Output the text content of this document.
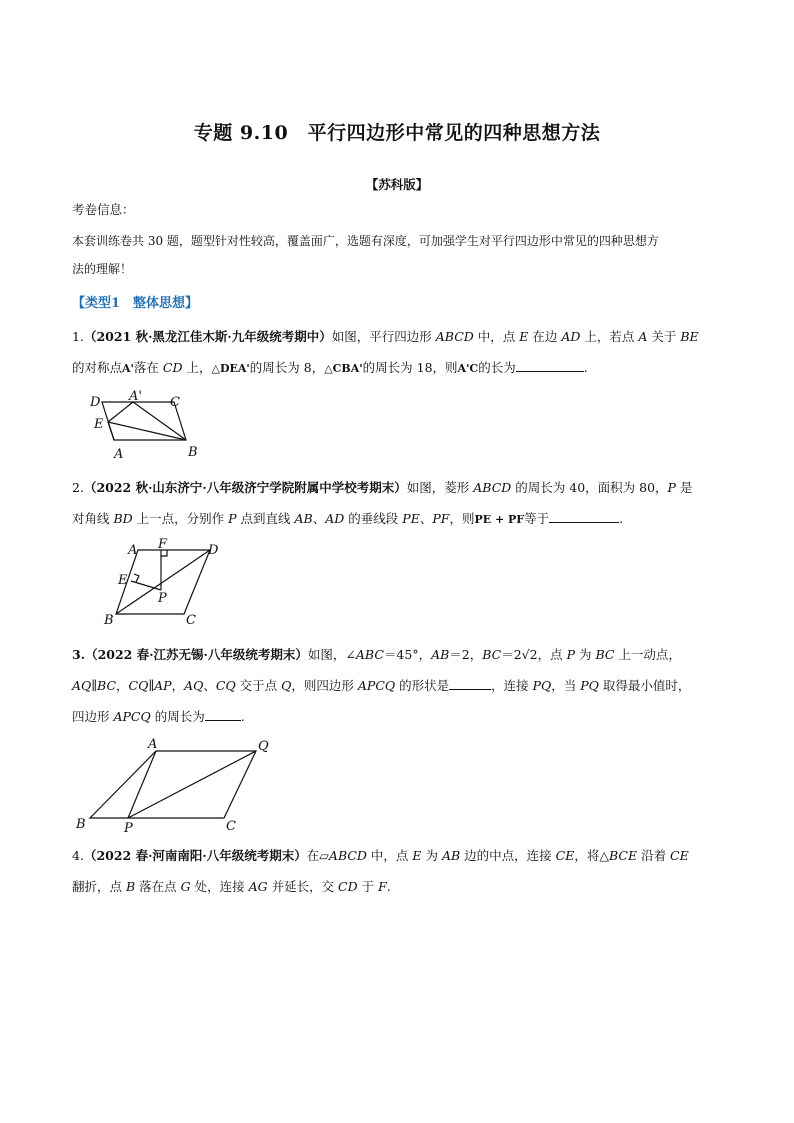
专题 9.10　平行四边形中常见的四种思想方法
【苏科版】
考卷信息：
本套训练卷共 30 题，题型针对性较高，覆盖面广，选题有深度，可加强学生对平行四边形中常见的四种思想方
法的理解！
【类型1　整体思想】
1.（2021 秋·黑龙江佳木斯·九年级统考期中）如图，平行四边形 ABCD 中，点 E 在边 AD 上，若点 A 关于 BE
的对称点A'落在 CD 上，△DEA'的周长为 8，△CBA'的周长为 18，则A'C的长为	.
D A' C
E
A	B
2.（2022 秋·山东济宁·八年级济宁学院附属中学校考期末）如图，菱形 ABCD 的周长为 40，面积为 80，P 是
对角线 BD 上一点，分别作 P 点到直线 AB、AD 的垂线段 PE、PF，则PE + PF等于	.
A F	D
E
P
B	C
3.（2022 春·江苏无锡·八年级统考期末）如图，∠ABC＝45°，AB＝2，BC＝2√2，点 P 为 BC 上一动点，
AQ∥BC，CQ∥AP，AQ、CQ 交于点 Q，则四边形 APCQ 的形状是	，连接 PQ，当 PQ 取得最小值时，
四边形 APCQ 的周长为	.
A	Q
B	P	C
4.（2022 春·河南南阳·八年级统考期末）在▱ABCD 中，点 E 为 AB 边的中点，连接 CE，将△BCE 沿着 CE
翻折，点 B 落在点 G 处，连接 AG 并延长，交 CD 于 F.
